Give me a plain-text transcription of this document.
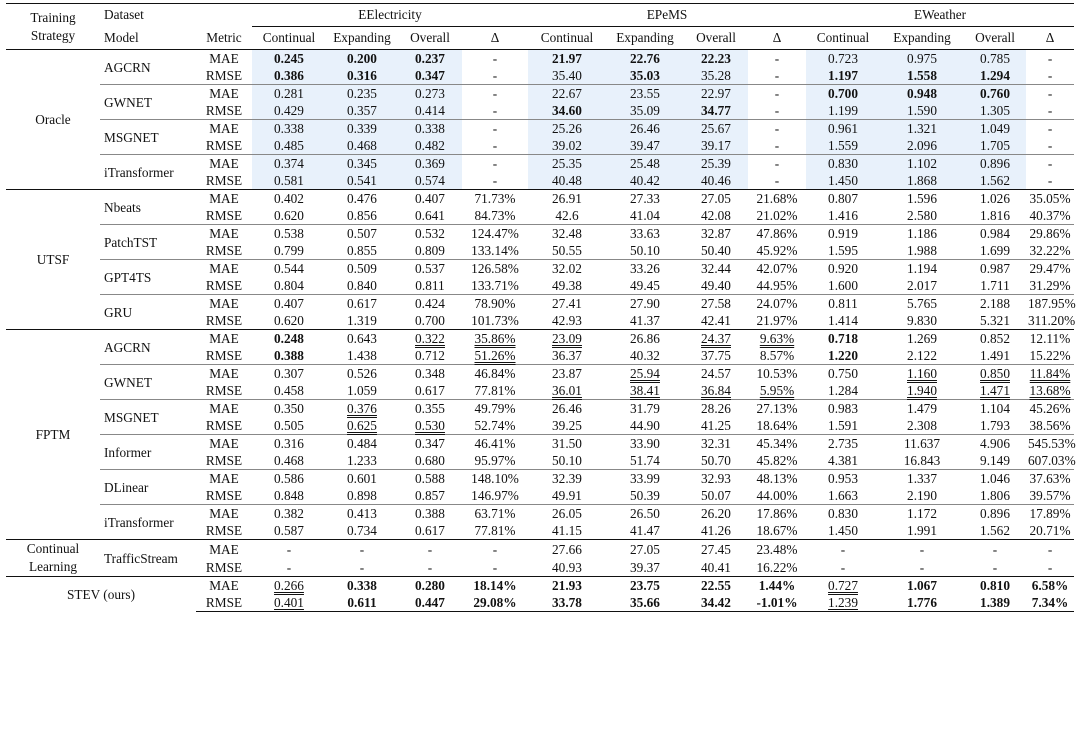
Training Strategy	Dataset		EElectricity				EPeMS				EWeather			
	Model	Metric	Continual	Expanding	Overall	Δ	Continual	Expanding	Overall	Δ	Continual	Expanding	Overall	Δ
Oracle	AGCRN	MAE	0.245	0.200	0.237	-	21.97	22.76	22.23	-	0.723	0.975	0.785	-
		RMSE	0.386	0.316	0.347	-	35.40	35.03	35.28	-	1.197	1.558	1.294	-
	GWNET	MAE	0.281	0.235	0.273	-	22.67	23.55	22.97	-	0.700	0.948	0.760	-
		RMSE	0.429	0.357	0.414	-	34.60	35.09	34.77	-	1.199	1.590	1.305	-
	MSGNET	MAE	0.338	0.339	0.338	-	25.26	26.46	25.67	-	0.961	1.321	1.049	-
		RMSE	0.485	0.468	0.482	-	39.02	39.47	39.17	-	1.559	2.096	1.705	-
	iTransformer	MAE	0.374	0.345	0.369	-	25.35	25.48	25.39	-	0.830	1.102	0.896	-
		RMSE	0.581	0.541	0.574	-	40.48	40.42	40.46	-	1.450	1.868	1.562	-
UTSF	Nbeats	MAE	0.402	0.476	0.407	71.73%	26.91	27.33	27.05	21.68%	0.807	1.596	1.026	35.05%
		RMSE	0.620	0.856	0.641	84.73%	42.6	41.04	42.08	21.02%	1.416	2.580	1.816	40.37%
	PatchTST	MAE	0.538	0.507	0.532	124.47%	32.48	33.63	32.87	47.86%	0.919	1.186	0.984	29.86%
		RMSE	0.799	0.855	0.809	133.14%	50.55	50.10	50.40	45.92%	1.595	1.988	1.699	32.22%
	GPT4TS	MAE	0.544	0.509	0.537	126.58%	32.02	33.26	32.44	42.07%	0.920	1.194	0.987	29.47%
		RMSE	0.804	0.840	0.811	133.71%	49.38	49.45	49.40	44.95%	1.600	2.017	1.711	31.29%
	GRU	MAE	0.407	0.617	0.424	78.90%	27.41	27.90	27.58	24.07%	0.811	5.765	2.188	187.95%
		RMSE	0.620	1.319	0.700	101.73%	42.93	41.37	42.41	21.97%	1.414	9.830	5.321	311.20%
FPTM	AGCRN	MAE	0.248	0.643	0.322	35.86%	23.09	26.86	24.37	9.63%	0.718	1.269	0.852	12.11%
		RMSE	0.388	1.438	0.712	51.26%	36.37	40.32	37.75	8.57%	1.220	2.122	1.491	15.22%
	GWNET	MAE	0.307	0.526	0.348	46.84%	23.87	25.94	24.57	10.53%	0.750	1.160	0.850	11.84%
		RMSE	0.458	1.059	0.617	77.81%	36.01	38.41	36.84	5.95%	1.284	1.940	1.471	13.68%
	MSGNET	MAE	0.350	0.376	0.355	49.79%	26.46	31.79	28.26	27.13%	0.983	1.479	1.104	45.26%
		RMSE	0.505	0.625	0.530	52.74%	39.25	44.90	41.25	18.64%	1.591	2.308	1.793	38.56%
	Informer	MAE	0.316	0.484	0.347	46.41%	31.50	33.90	32.31	45.34%	2.735	11.637	4.906	545.53%
		RMSE	0.468	1.233	0.680	95.97%	50.10	51.74	50.70	45.82%	4.381	16.843	9.149	607.03%
	DLinear	MAE	0.586	0.601	0.588	148.10%	32.39	33.99	32.93	48.13%	0.953	1.337	1.046	37.63%
		RMSE	0.848	0.898	0.857	146.97%	49.91	50.39	50.07	44.00%	1.663	2.190	1.806	39.57%
	iTransformer	MAE	0.382	0.413	0.388	63.71%	26.05	26.50	26.20	17.86%	0.830	1.172	0.896	17.89%
		RMSE	0.587	0.734	0.617	77.81%	41.15	41.47	41.26	18.67%	1.450	1.991	1.562	20.71%
Continual Learning	TrafficStream	MAE	-	-	-	-	27.66	27.05	27.45	23.48%	-	-	-	-
		RMSE	-	-	-	-	40.93	39.37	40.41	16.22%	-	-	-	-
STEV (ours)		MAE	0.266	0.338	0.280	18.14%	21.93	23.75	22.55	1.44%	0.727	1.067	0.810	6.58%
		RMSE	0.401	0.611	0.447	29.08%	33.78	35.66	34.42	-1.01%	1.239	1.776	1.389	7.34%
